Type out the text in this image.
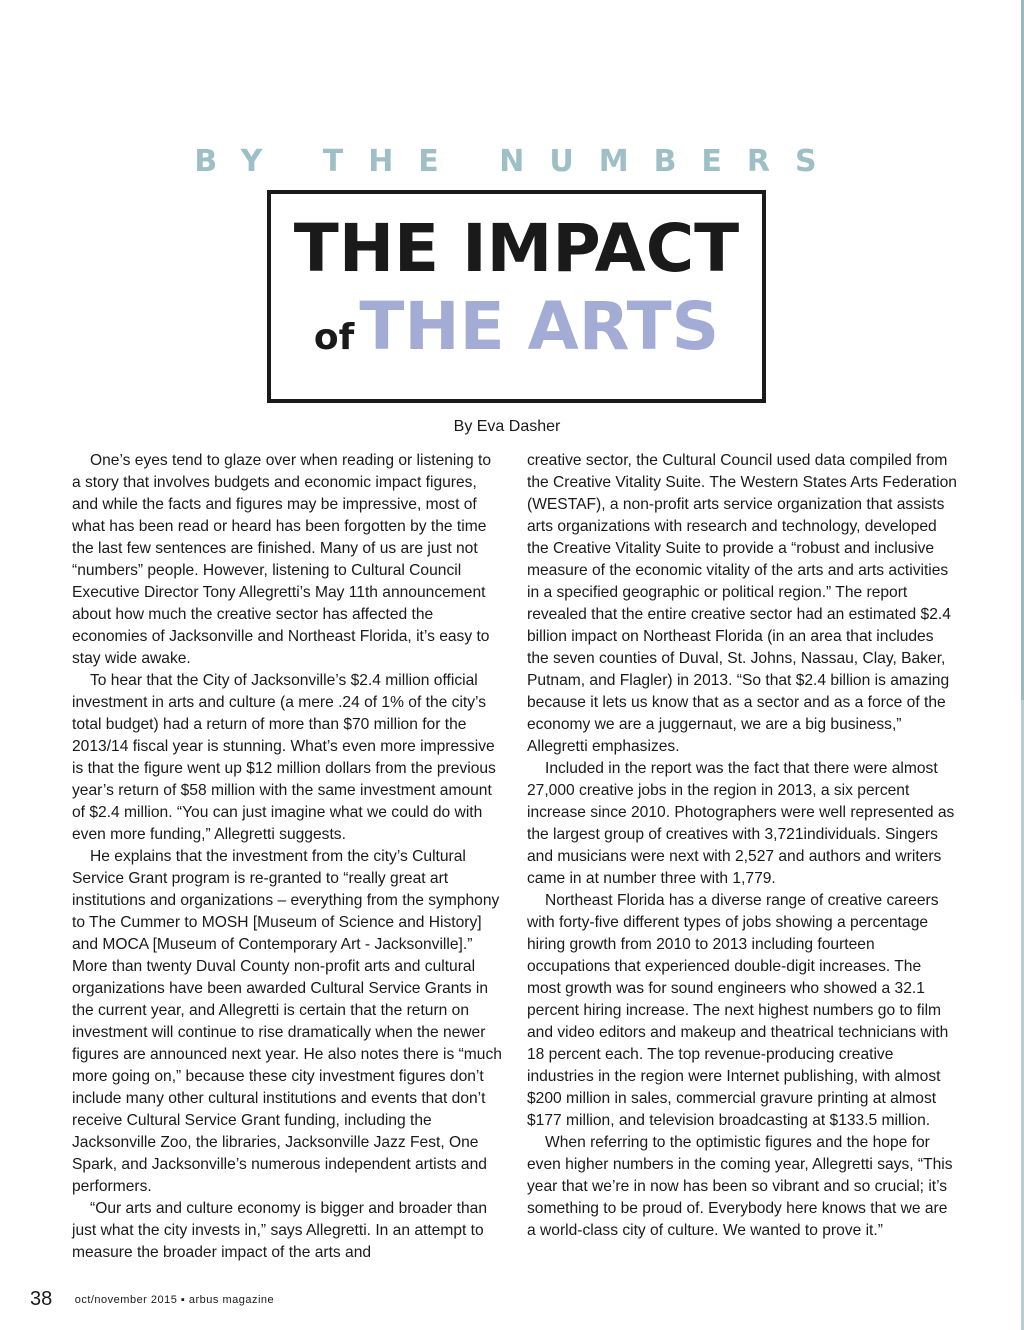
BY THE NUMBERS
THE IMPACT
of THE ARTS
By Eva Dasher

One’s eyes tend to glaze over when reading or listening to a story that involves budgets and economic impact figures, and while the facts and figures may be impressive, most of what has been read or heard has been forgotten by the time the last few sentences are finished. Many of us are just not “numbers” people. However, listening to Cultural Council Executive Director Tony Allegretti’s May 11th announcement about how much the creative sector has affected the economies of Jacksonville and Northeast Florida, it’s easy to stay wide awake.

To hear that the City of Jacksonville’s $2.4 million official investment in arts and culture (a mere .24 of 1% of the city’s total budget) had a return of more than $70 million for the 2013/14 fiscal year is stunning. What’s even more impressive is that the figure went up $12 million dollars from the previous year’s return of $58 million with the same investment amount of $2.4 million. “You can just imagine what we could do with even more funding,” Allegretti suggests.

He explains that the investment from the city’s Cultural Service Grant program is re-granted to “really great art institutions and organizations – everything from the symphony to The Cummer to MOSH [Museum of Science and History] and MOCA [Museum of Contemporary Art - Jacksonville].” More than twenty Duval County non-profit arts and cultural organizations have been awarded Cultural Service Grants in the current year, and Allegretti is certain that the return on investment will continue to rise dramatically when the newer figures are announced next year. He also notes there is “much more going on,” because these city investment figures don’t include many other cultural institutions and events that don’t receive Cultural Service Grant funding, including the Jacksonville Zoo, the libraries, Jacksonville Jazz Fest, One Spark, and Jacksonville’s numerous independent artists and performers.

“Our arts and culture economy is bigger and broader than just what the city invests in,” says Allegretti. In an attempt to measure the broader impact of the arts and

creative sector, the Cultural Council used data compiled from the Creative Vitality Suite. The Western States Arts Federation (WESTAF), a non-profit arts service organization that assists arts organizations with research and technology, developed the Creative Vitality Suite to provide a “robust and inclusive measure of the economic vitality of the arts and arts activities in a specified geographic or political region.” The report revealed that the entire creative sector had an estimated $2.4 billion impact on Northeast Florida (in an area that includes the seven counties of Duval, St. Johns, Nassau, Clay, Baker, Putnam, and Flagler) in 2013. “So that $2.4 billion is amazing because it lets us know that as a sector and as a force of the economy we are a juggernaut, we are a big business,” Allegretti emphasizes.

Included in the report was the fact that there were almost 27,000 creative jobs in the region in 2013, a six percent increase since 2010. Photographers were well represented as the largest group of creatives with 3,721individuals. Singers and musicians were next with 2,527 and authors and writers came in at number three with 1,779.

Northeast Florida has a diverse range of creative careers with forty-five different types of jobs showing a percentage hiring growth from 2010 to 2013 including fourteen occupations that experienced double-digit increases. The most growth was for sound engineers who showed a 32.1 percent hiring increase. The next highest numbers go to film and video editors and makeup and theatrical technicians with 18 percent each. The top revenue-producing creative industries in the region were Internet publishing, with almost $200 million in sales, commercial gravure printing at almost $177 million, and television broadcasting at $133.5 million.

When referring to the optimistic figures and the hope for even higher numbers in the coming year, Allegretti says, “This year that we’re in now has been so vibrant and so crucial; it’s something to be proud of. Everybody here knows that we are a world-class city of culture. We wanted to prove it.”

38 oct/november 2015 ▪ arbus magazine
